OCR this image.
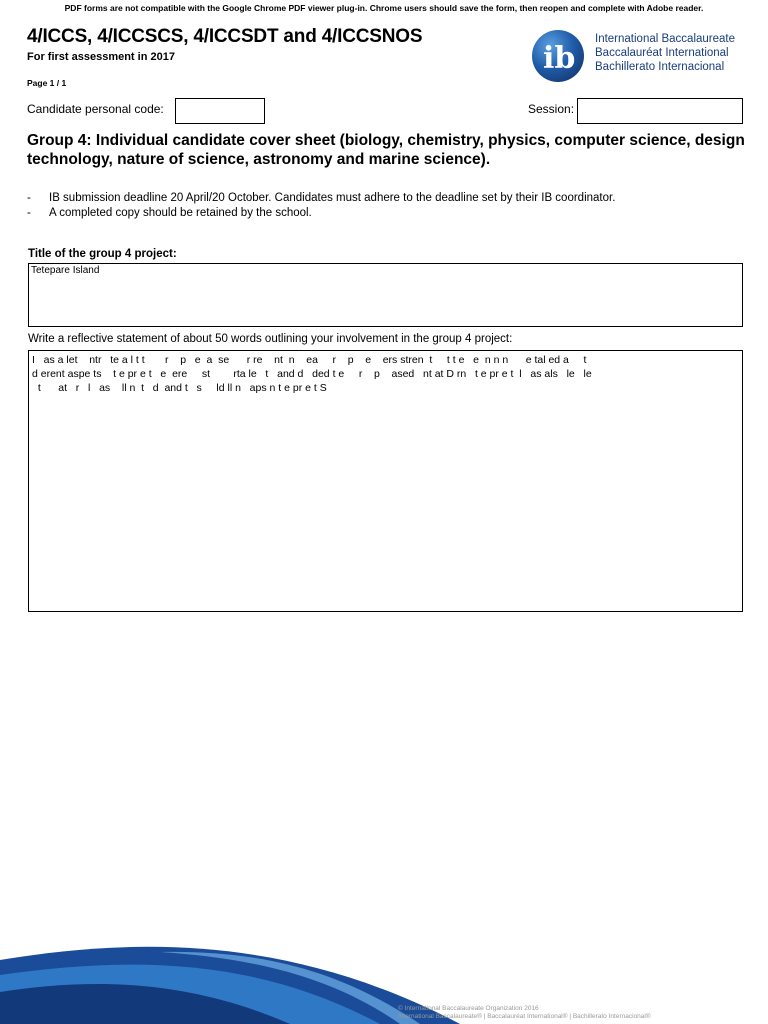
PDF forms are not compatible with the Google Chrome PDF viewer plug-in. Chrome users should save the form, then reopen and complete with Adobe reader.
4/ICCS, 4/ICCSCS, 4/ICCSDT and 4/ICCSNOS
For first assessment in 2017
Page 1 / 1
ib
International Baccalaureate
Baccalauréat International
Bachillerato Internacional
Candidate personal code:	Session:
Group 4: Individual candidate cover sheet (biology, chemistry, physics, computer science, design technology, nature of science, astronomy and marine science).
- IB submission deadline 20 April/20 October. Candidates must adhere to the deadline set by their IB coordinator.
- A completed copy should be retained by the school.
Title of the group 4 project:
Tetepare Island
Write a reflective statement of about 50 words outlining your involvement in the group 4 project:
I   as a let    ntr   te a l t t       r    p   e  a  se      r re    nt  n    ea     r    p    e    ers stren  t     t t e   e  n n n      e tal ed a     t
d erent aspe ts    t e pr e t   e  ere     st        rta le   t   and d   ded t e     r    p    ased   nt at D rn   t e pr e t  l   as als   le   le
t      at   r   l   as    ll n  t   d  and t   s     ld ll n   aps n t e pr e t S
© International Baccalaureate Organization 2016
International Baccalaureate® | Baccalauréat International® | Bachillerato Internacional®
